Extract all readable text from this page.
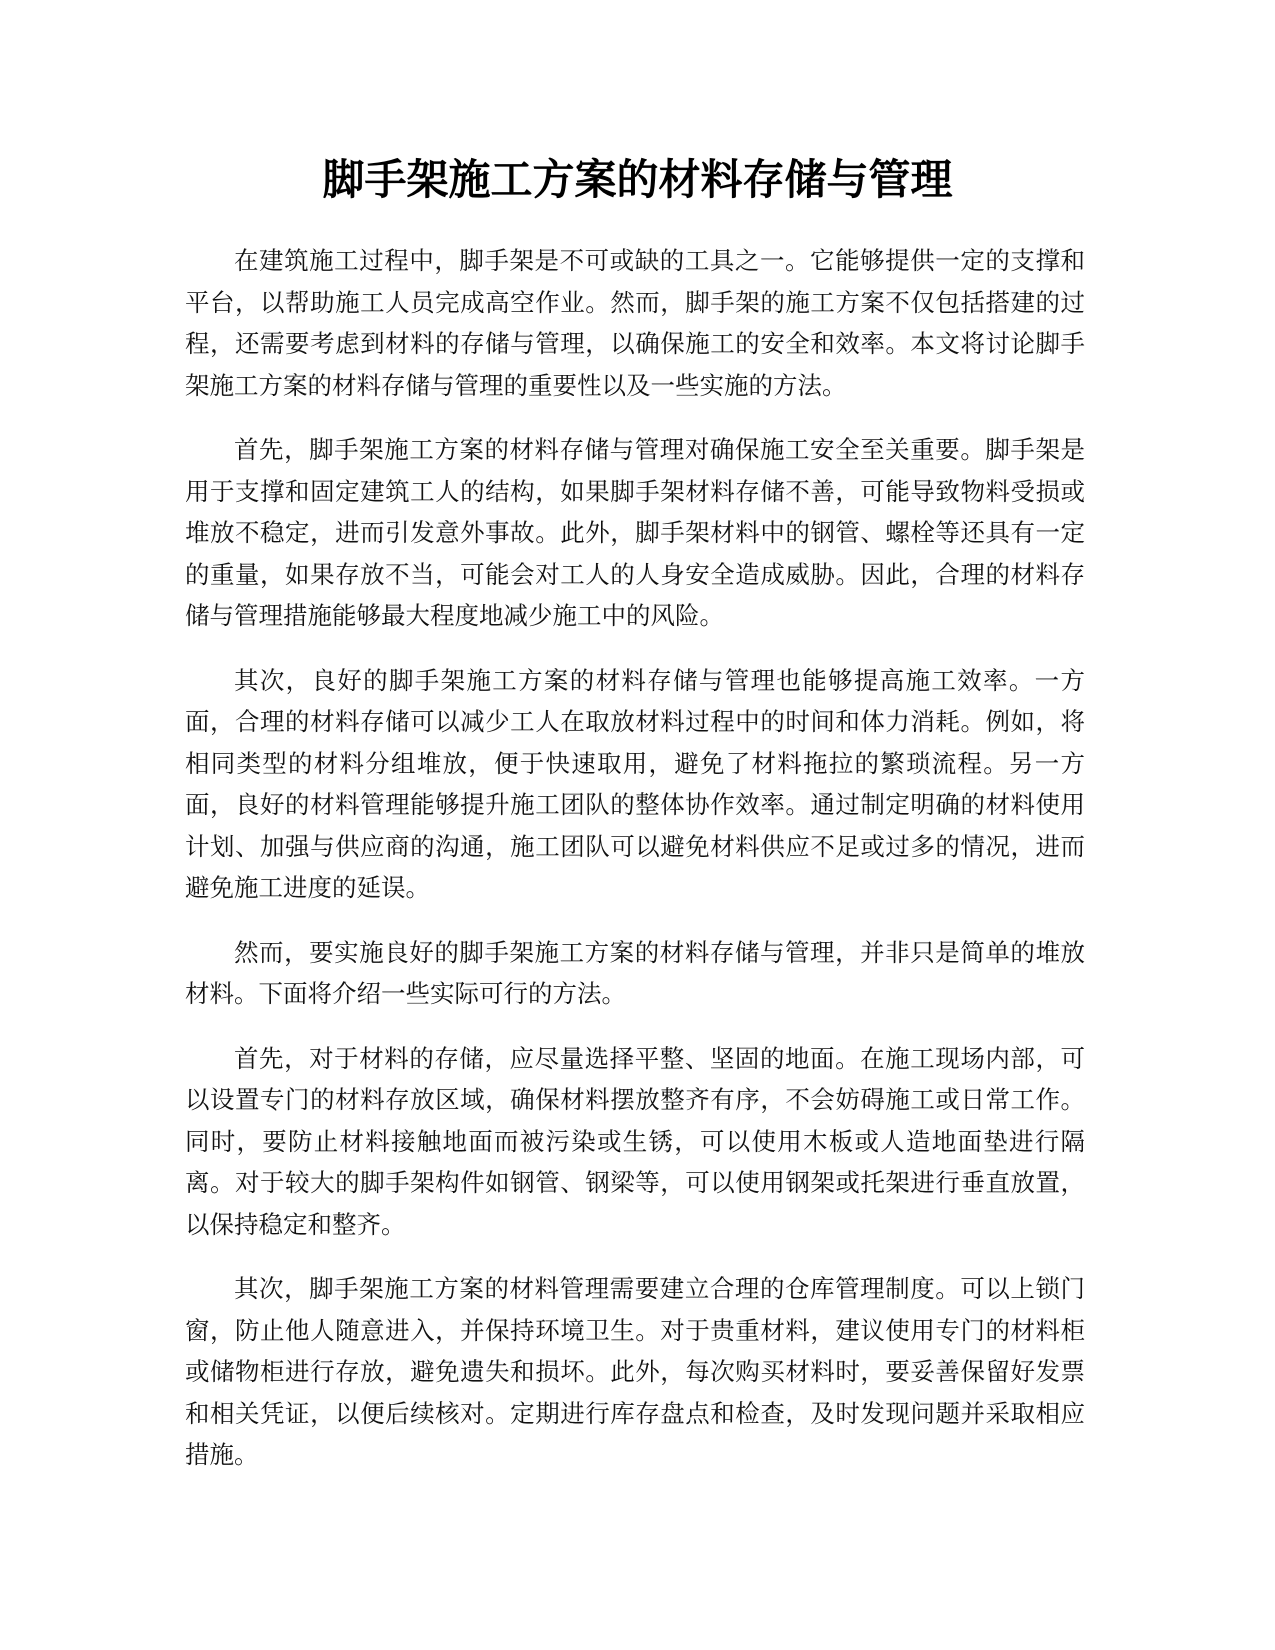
脚手架施工方案的材料存储与管理

在建筑施工过程中，脚手架是不可或缺的工具之一。它能够提供一定的支撑和平台，以帮助施工人员完成高空作业。然而，脚手架的施工方案不仅包括搭建的过程，还需要考虑到材料的存储与管理，以确保施工的安全和效率。本文将讨论脚手架施工方案的材料存储与管理的重要性以及一些实施的方法。

首先，脚手架施工方案的材料存储与管理对确保施工安全至关重要。脚手架是用于支撑和固定建筑工人的结构，如果脚手架材料存储不善，可能导致物料受损或堆放不稳定，进而引发意外事故。此外，脚手架材料中的钢管、螺栓等还具有一定的重量，如果存放不当，可能会对工人的人身安全造成威胁。因此，合理的材料存储与管理措施能够最大程度地减少施工中的风险。

其次，良好的脚手架施工方案的材料存储与管理也能够提高施工效率。一方面，合理的材料存储可以减少工人在取放材料过程中的时间和体力消耗。例如，将相同类型的材料分组堆放，便于快速取用，避免了材料拖拉的繁琐流程。另一方面，良好的材料管理能够提升施工团队的整体协作效率。通过制定明确的材料使用计划、加强与供应商的沟通，施工团队可以避免材料供应不足或过多的情况，进而避免施工进度的延误。

然而，要实施良好的脚手架施工方案的材料存储与管理，并非只是简单的堆放材料。下面将介绍一些实际可行的方法。

首先，对于材料的存储，应尽量选择平整、坚固的地面。在施工现场内部，可以设置专门的材料存放区域，确保材料摆放整齐有序，不会妨碍施工或日常工作。同时，要防止材料接触地面而被污染或生锈，可以使用木板或人造地面垫进行隔离。对于较大的脚手架构件如钢管、钢梁等，可以使用钢架或托架进行垂直放置，以保持稳定和整齐。

其次，脚手架施工方案的材料管理需要建立合理的仓库管理制度。可以上锁门窗，防止他人随意进入，并保持环境卫生。对于贵重材料，建议使用专门的材料柜或储物柜进行存放，避免遗失和损坏。此外，每次购买材料时，要妥善保留好发票和相关凭证，以便后续核对。定期进行库存盘点和检查，及时发现问题并采取相应措施。
